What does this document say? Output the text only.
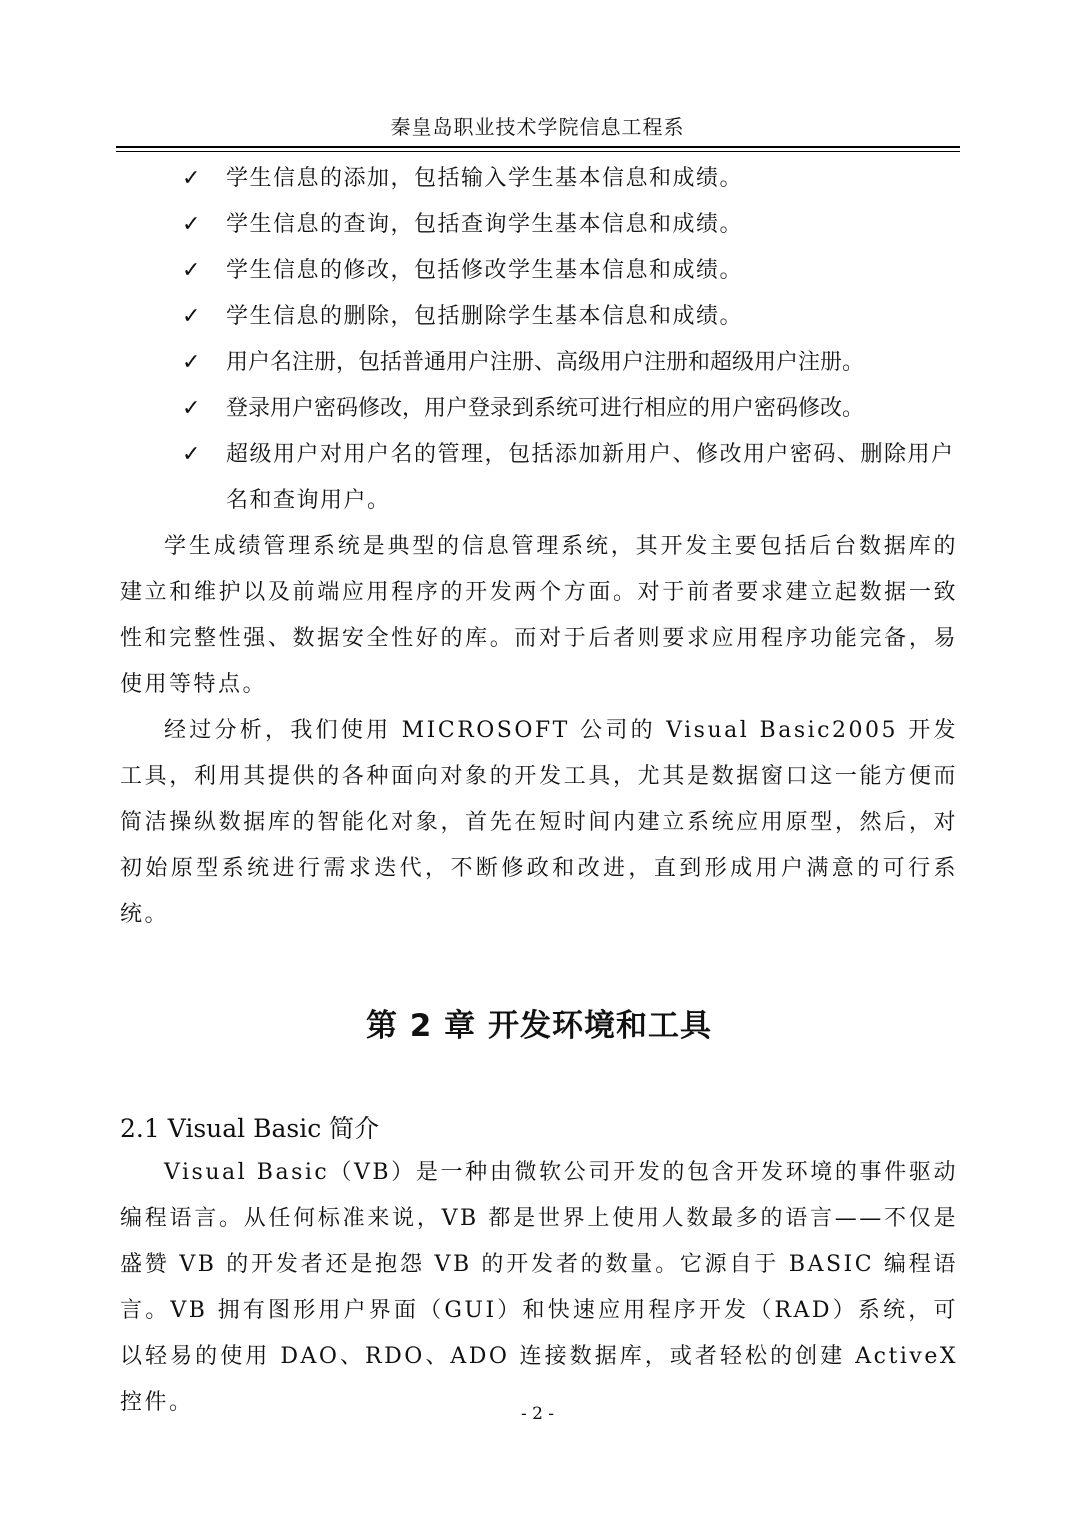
秦皇岛职业技术学院信息工程系
✓ 学生信息的添加，包括输入学生基本信息和成绩。
✓ 学生信息的查询，包括查询学生基本信息和成绩。
✓ 学生信息的修改，包括修改学生基本信息和成绩。
✓ 学生信息的删除，包括删除学生基本信息和成绩。
✓ 用户名注册，包括普通用户注册、高级用户注册和超级用户注册。
✓ 登录用户密码修改，用户登录到系统可进行相应的用户密码修改。
✓ 超级用户对用户名的管理，包括添加新用户、修改用户密码、删除用户名和查询用户。

学生成绩管理系统是典型的信息管理系统，其开发主要包括后台数据库的建立和维护以及前端应用程序的开发两个方面。对于前者要求建立起数据一致性和完整性强、数据安全性好的库。而对于后者则要求应用程序功能完备，易使用等特点。

经过分析，我们使用 MICROSOFT 公司的 Visual Basic2005 开发工具，利用其提供的各种面向对象的开发工具，尤其是数据窗口这一能方便而简洁操纵数据库的智能化对象，首先在短时间内建立系统应用原型，然后，对初始原型系统进行需求迭代，不断修政和改进，直到形成用户满意的可行系统。

第 2 章 开发环境和工具
2.1 Visual Basic 简介

Visual Basic（VB）是一种由微软公司开发的包含开发环境的事件驱动编程语言。从任何标准来说，VB 都是世界上使用人数最多的语言——不仅是盛赞 VB 的开发者还是抱怨 VB 的开发者的数量。它源自于 BASIC 编程语言。VB 拥有图形用户界面（GUI）和快速应用程序开发（RAD）系统，可以轻易的使用 DAO、RDO、ADO 连接数据库，或者轻松的创建 ActiveX 控件。	- 2 -
